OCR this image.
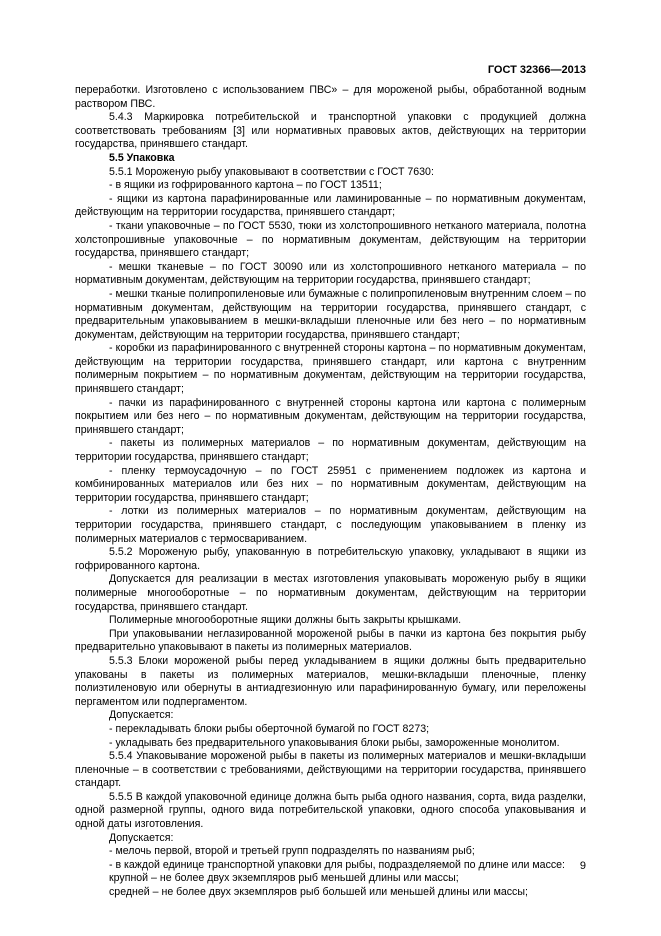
ГОСТ 32366—2013

переработки. Изготовлено с использованием ПВС» – для мороженой рыбы, обработанной водным раствором ПВС.

5.4.3 Маркировка потребительской и транспортной упаковки с продукцией должна соответствовать требованиям [3] или нормативных правовых актов, действующих на территории государства, принявшего стандарт.

5.5 Упаковка

5.5.1 Мороженую рыбу упаковывают в соответствии с ГОСТ 7630:

- в ящики из гофрированного картона – по ГОСТ 13511;

- ящики из картона парафинированные или ламинированные – по нормативным документам, действующим на территории государства, принявшего стандарт;

- ткани упаковочные – по ГОСТ 5530, тюки из холстопрошивного нетканого материала, полотна холстопрошивные упаковочные – по нормативным документам, действующим на территории государства, принявшего стандарт;

- мешки тканевые – по ГОСТ 30090 или из холстопрошивного нетканого материала – по нормативным документам, действующим на территории государства, принявшего стандарт;

- мешки тканые полипропиленовые или бумажные с полипропиленовым внутренним слоем – по нормативным документам, действующим на территории государства, принявшего стандарт, с предварительным упаковыванием в мешки-вкладыши пленочные или без него – по нормативным документам, действующим на территории государства, принявшего стандарт;

- коробки из парафинированного с внутренней стороны картона – по нормативным документам, действующим на территории государства, принявшего стандарт, или картона с внутренним полимерным покрытием – по нормативным документам, действующим на территории государства, принявшего стандарт;

- пачки из парафинированного с внутренней стороны картона или картона с полимерным покрытием или без него – по нормативным документам, действующим на территории государства, принявшего стандарт;

- пакеты из полимерных материалов – по нормативным документам, действующим на территории государства, принявшего стандарт;

- пленку термоусадочную – по ГОСТ 25951 с применением подложек из картона и комбинированных материалов или без них – по нормативным документам, действующим на территории государства, принявшего стандарт;

- лотки из полимерных материалов – по нормативным документам, действующим на территории государства, принявшего стандарт, с последующим упаковыванием в пленку из полимерных материалов с термосвариванием.

5.5.2 Мороженую рыбу, упакованную в потребительскую упаковку, укладывают в ящики из гофрированного картона.

Допускается для реализации в местах изготовления упаковывать мороженую рыбу в ящики полимерные многооборотные – по нормативным документам, действующим на территории государства, принявшего стандарт.

Полимерные многооборотные ящики должны быть закрыты крышками.

При упаковывании неглазированной мороженой рыбы в пачки из картона без покрытия рыбу предварительно упаковывают в пакеты из полимерных материалов.

5.5.3 Блоки мороженой рыбы перед укладыванием в ящики должны быть предварительно упакованы в пакеты из полимерных материалов, мешки-вкладыши пленочные, пленку полиэтиленовую или обернуты в антиадгезионную или парафинированную бумагу, или переложены пергаментом или подпергаментом.

Допускается:

- перекладывать блоки рыбы оберточной бумагой по ГОСТ 8273;

- укладывать без предварительного упаковывания блоки рыбы, замороженные монолитом.

5.5.4 Упаковывание мороженой рыбы в пакеты из полимерных материалов и мешки-вкладыши пленочные – в соответствии с требованиями, действующими на территории государства, принявшего стандарт.

5.5.5 В каждой упаковочной единице должна быть рыба одного названия, сорта, вида разделки, одной размерной группы, одного вида потребительской упаковки, одного способа упаковывания и одной даты изготовления.

Допускается:

- мелочь первой, второй и третьей групп подразделять по названиям рыб;

- в каждой единице транспортной упаковки для рыбы, подразделяемой по длине или массе:

крупной – не более двух экземпляров рыб меньшей длины или массы;

средней – не более двух экземпляров рыб большей или меньшей длины или массы;

9
